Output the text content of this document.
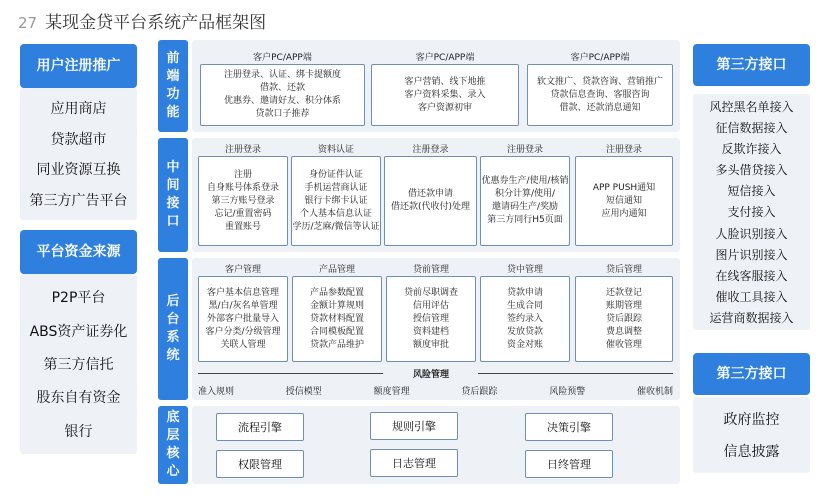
27 某现金贷平台系统产品框架图
用户注册推广
应用商店
贷款超市
同业资源互换
第三方广告平台
平台资金来源
P2P平台
ABS资产证券化
第三方信托
股东自有资金
银行
第三方接口
风控黑名单接入
征信数据接入
反欺诈接入
多头借贷接入
短信接入
支付接入
人脸识别接入
图片识别接入
在线客服接入
催收工具接入
运营商数据接入
第三方接口
政府监控
信息披露
前端功能
客户PC/APP端
注册登录、认证、绑卡提额度
借款、还款
优惠券、邀请好友、积分体系
贷款口子推荐
客户PC/APP端
客户营销、线下地推
客户资料采集、录入
客户资源初审
客户PC/APP端
软文推广、贷款咨询、营销推广
贷款信息查询、客服咨询
借款、还款消息通知
中间接口
注册登录
注册
自身账号体系登录
第三方账号登录
忘记/重置密码
重置账号
资料认证
身份证件认证
手机运营商认证
银行卡绑卡认证
个人基本信息认证
学历/芝麻/微信等认证
注册登录
借还款申请
借还款(代收付)处理
注册登录
优惠券生产/使用/核销
积分计算/使用/
邀请码生产/奖励
第三方同行H5页面
注册登录
APP PUSH通知
短信通知
应用内通知
后台系统
客户管理
客户基本信息管理
黑/白/灰名单管理
外部客户批量导入
客户分类/分级管理
关联人管理
产品管理
产品参数配置
金额计算规则
贷款材料配置
合同模板配置
贷款产品维护
贷前管理
贷前尽职调查
信用评估
授信管理
资料建档
额度审批
贷中管理
贷款申请
生成合同
签约录入
发放贷款
资金对账
贷后管理
还款登记
账期管理
贷后跟踪
费息调整
催收管理
风险管理
准入规则	授信模型	额度管理	贷后跟踪	风险预警	催收机制
底层核心
流程引擎	规则引擎	决策引擎
权限管理	日志管理	日终管理
